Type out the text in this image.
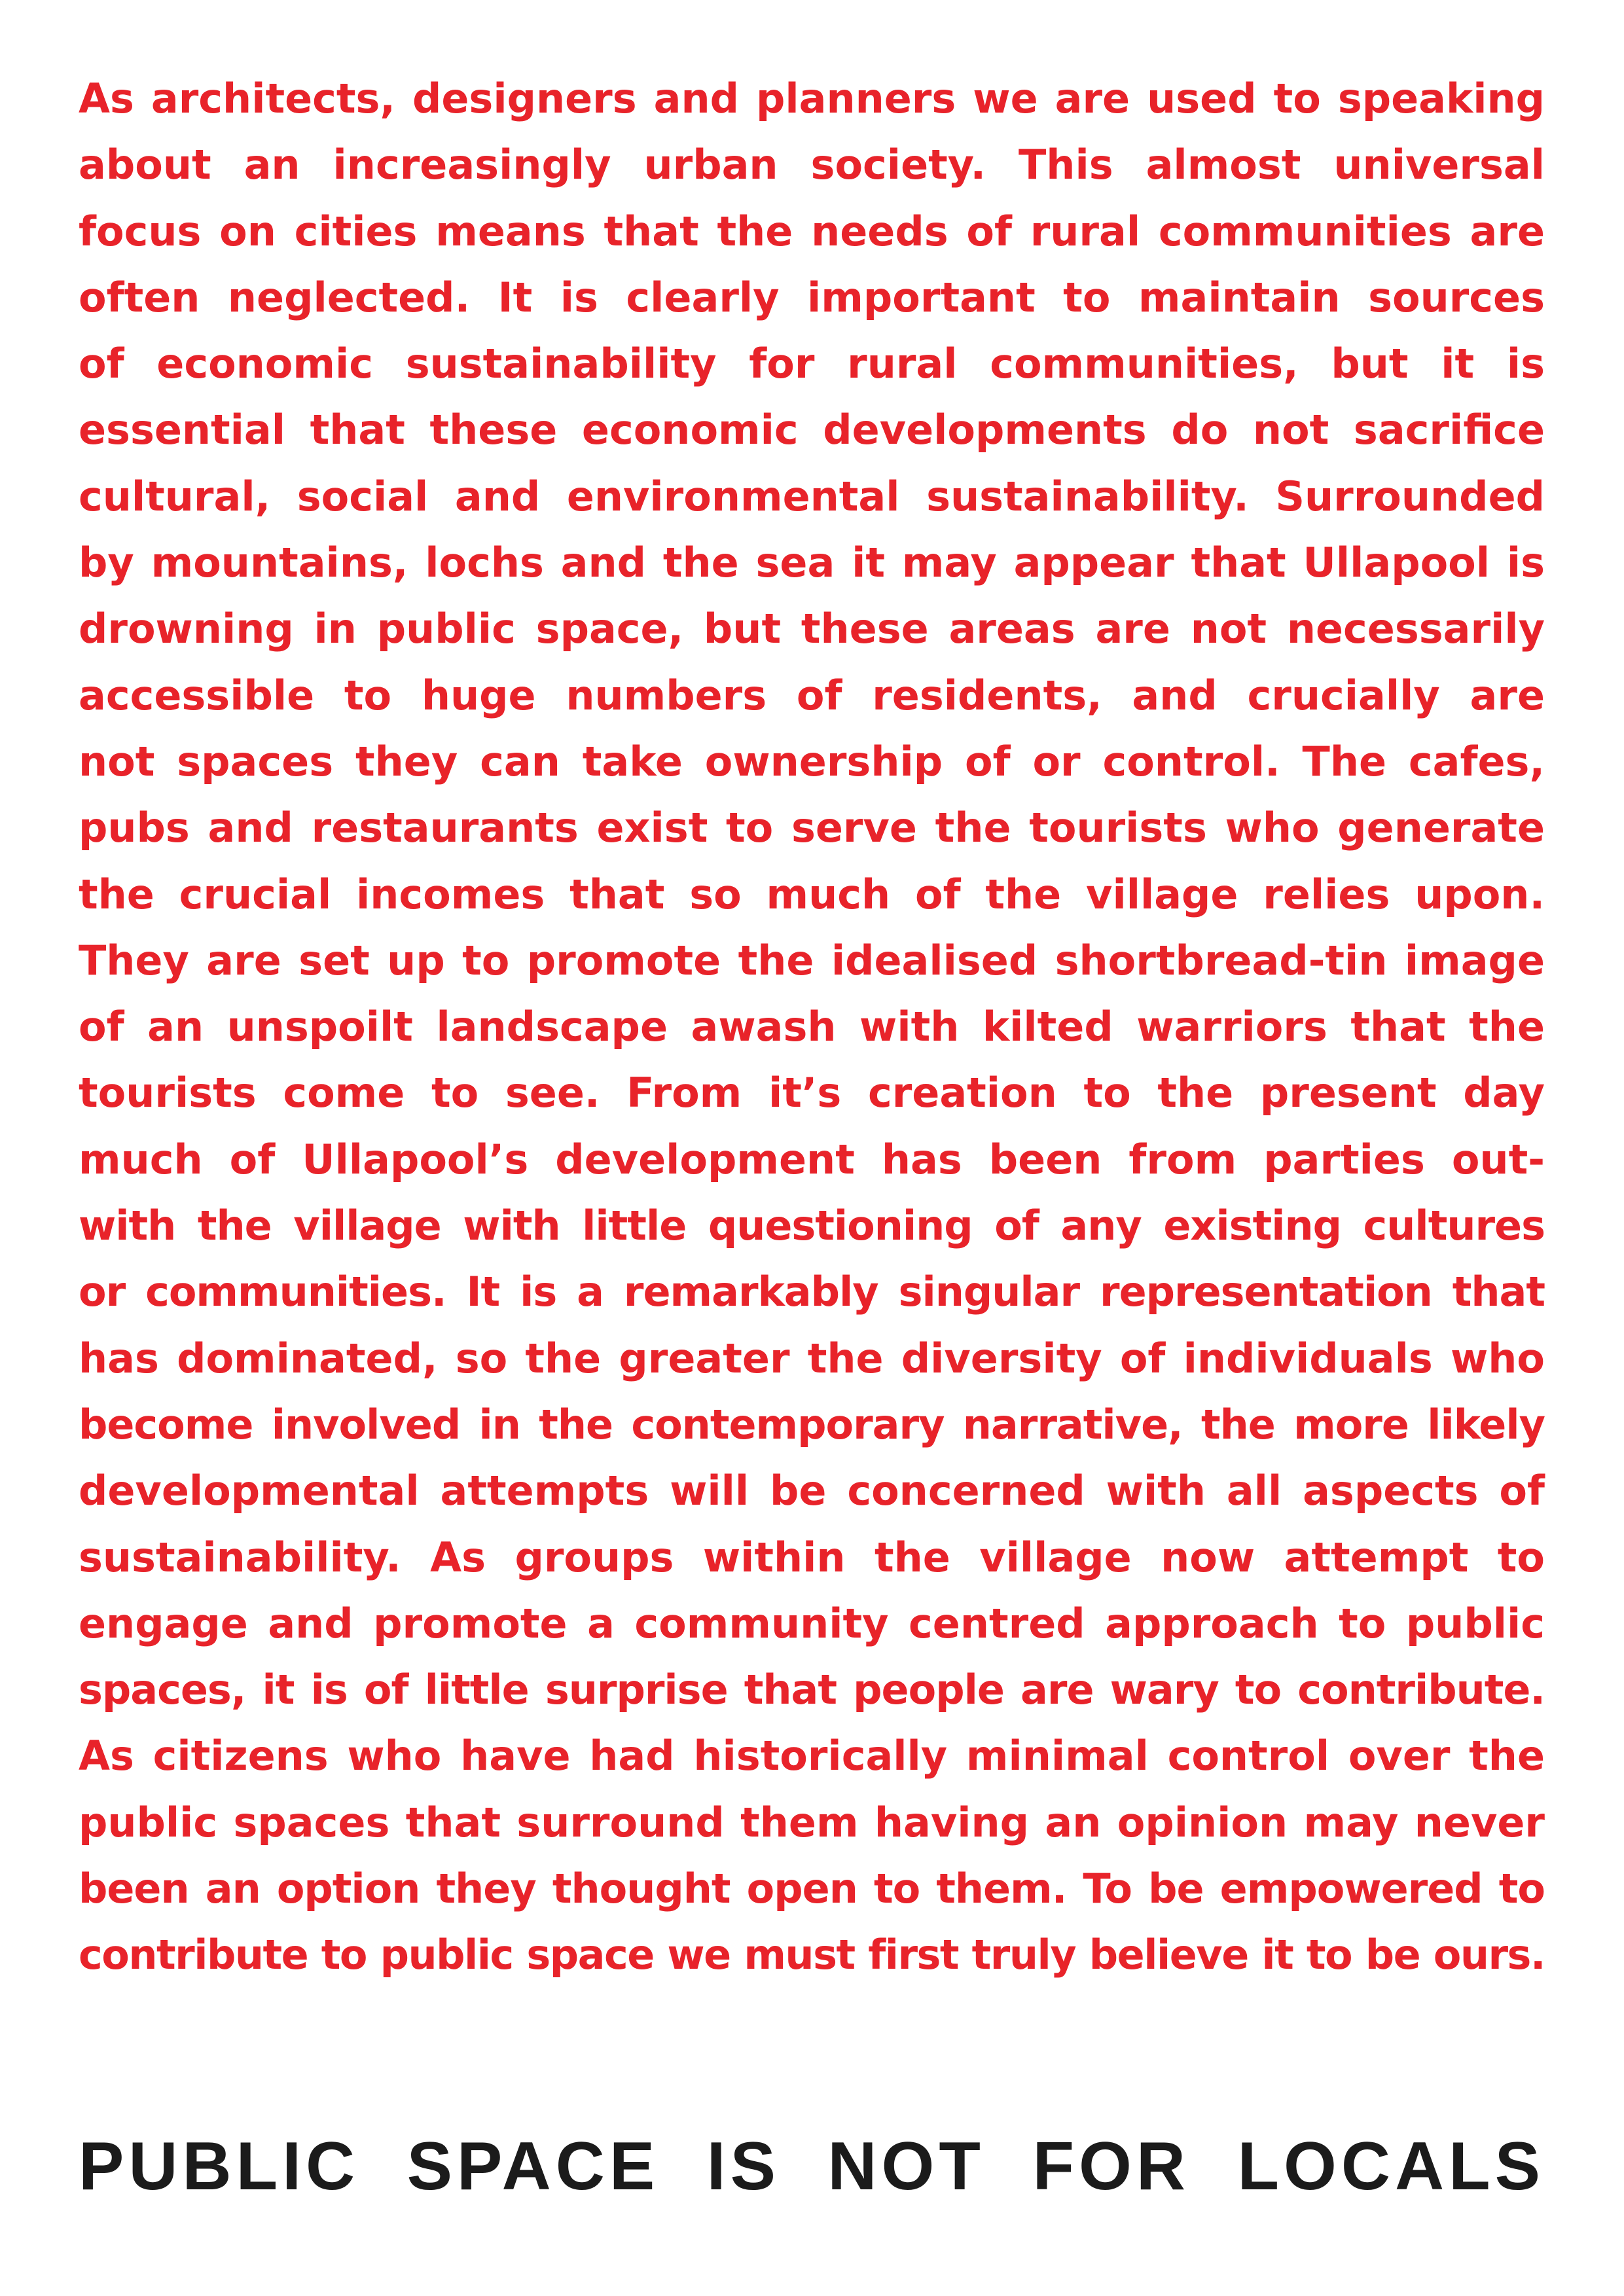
As architects, designers and planners we are used to speaking
about an increasingly urban society. This almost universal
focus on cities means that the needs of rural communities are
often neglected. It is clearly important to maintain sources
of economic sustainability for rural communities, but it is
essential that these economic developments do not sacrifice
cultural, social and environmental sustainability. Surrounded
by mountains, lochs and the sea it may appear that Ullapool is
drowning in public space, but these areas are not necessarily
accessible to huge numbers of residents, and crucially are
not spaces they can take ownership of or control. The cafes,
pubs and restaurants exist to serve the tourists who generate
the crucial incomes that so much of the village relies upon.
They are set up to promote the idealised shortbread-tin image
of an unspoilt landscape awash with kilted warriors that the
tourists come to see. From it’s creation to the present day
much of Ullapool’s development has been from parties out-
with the village with little questioning of any existing cultures
or communities. It is a remarkably singular representation that
has dominated, so the greater the diversity of individuals who
become involved in the contemporary narrative, the more likely
developmental attempts will be concerned with all aspects of
sustainability. As groups within the village now attempt to
engage and promote a community centred approach to public
spaces, it is of little surprise that people are wary to contribute.
As citizens who have had historically minimal control over the
public spaces that surround them having an opinion may never
been an option they thought open to them. To be empowered to
contribute to public space we must first truly believe it to be ours.
PUBLIC SPACE IS NOT FOR LOCALS
